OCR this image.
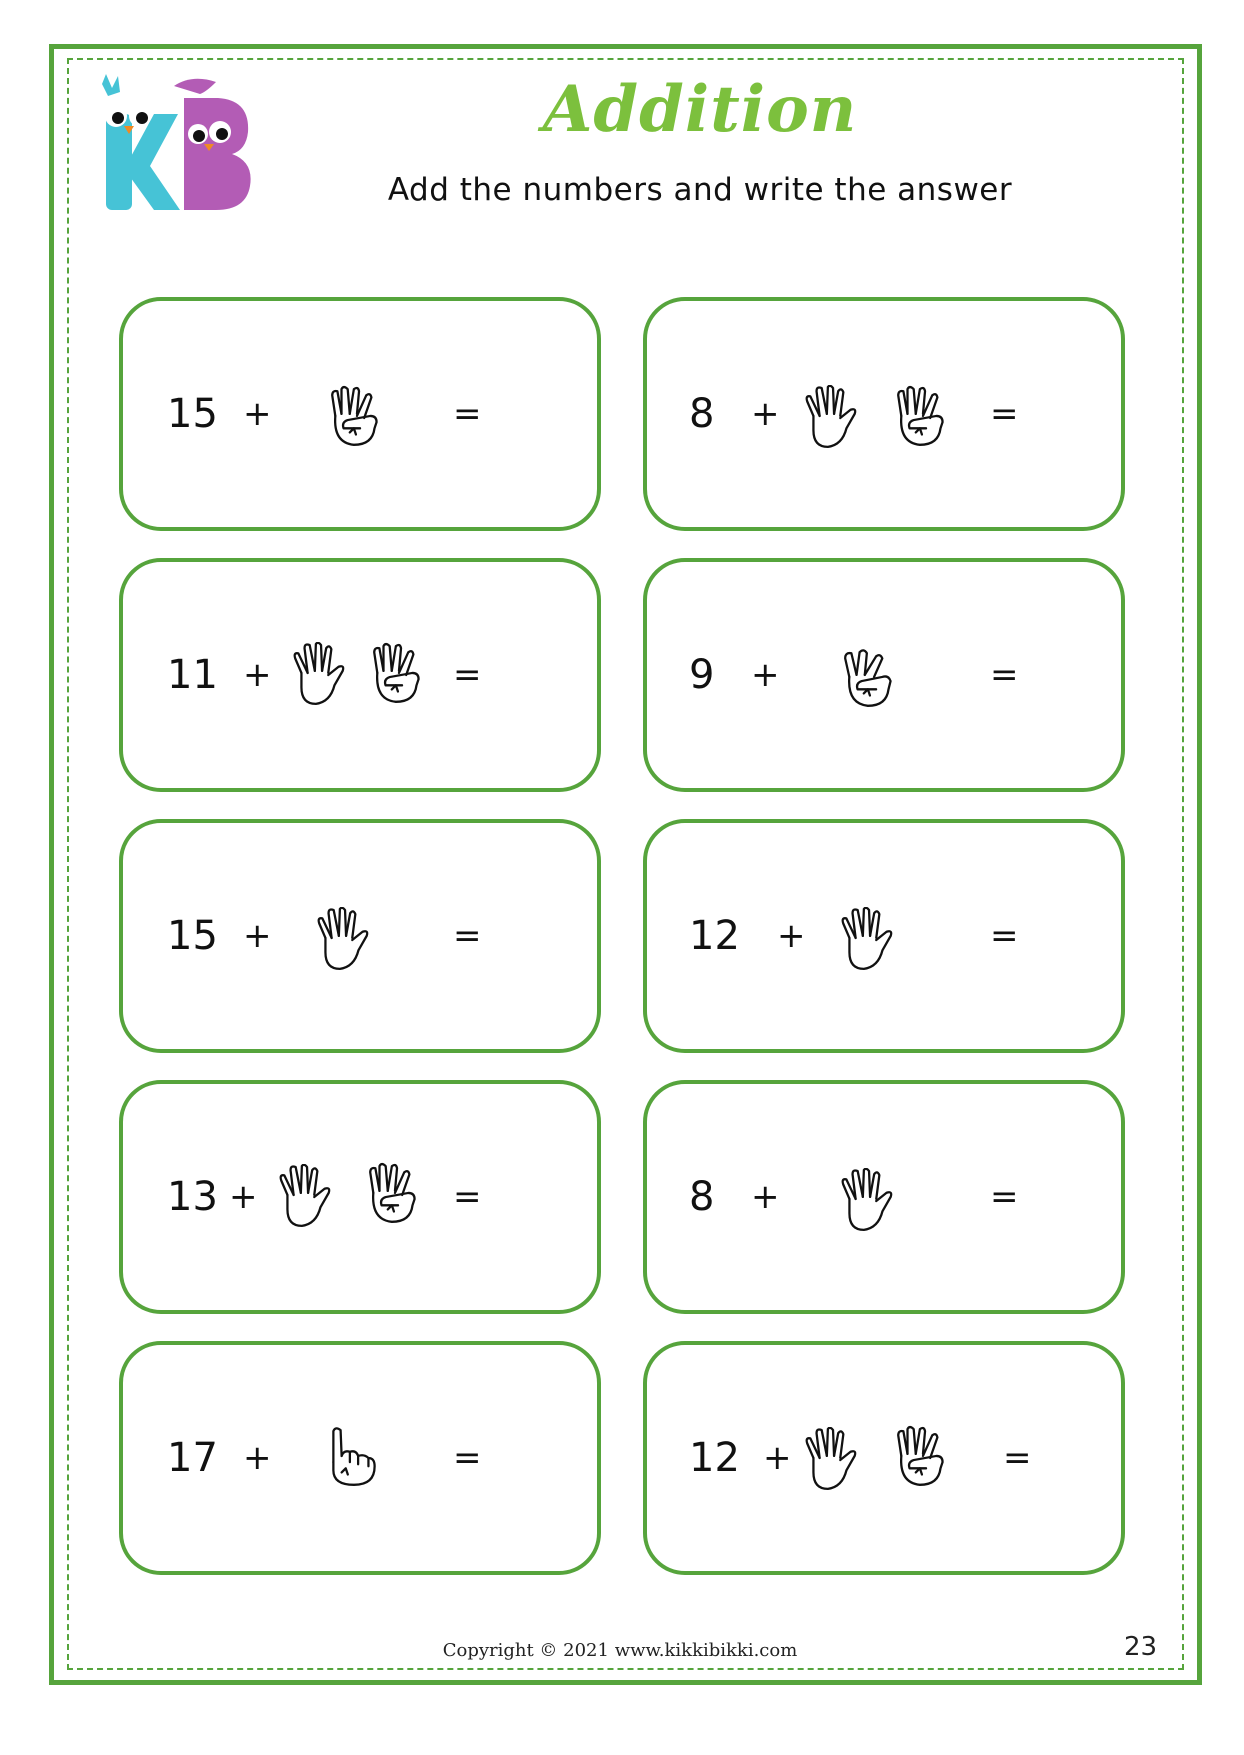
Addition
Add the numbers and write the answer
15 +	=	8 +	=
11 +	=	9 +	=
15 +	=	12 +	=
13 +	=	8 +	=
17 +	=	12 +	=
Copyright © 2021 www.kikkibikki.com	23
